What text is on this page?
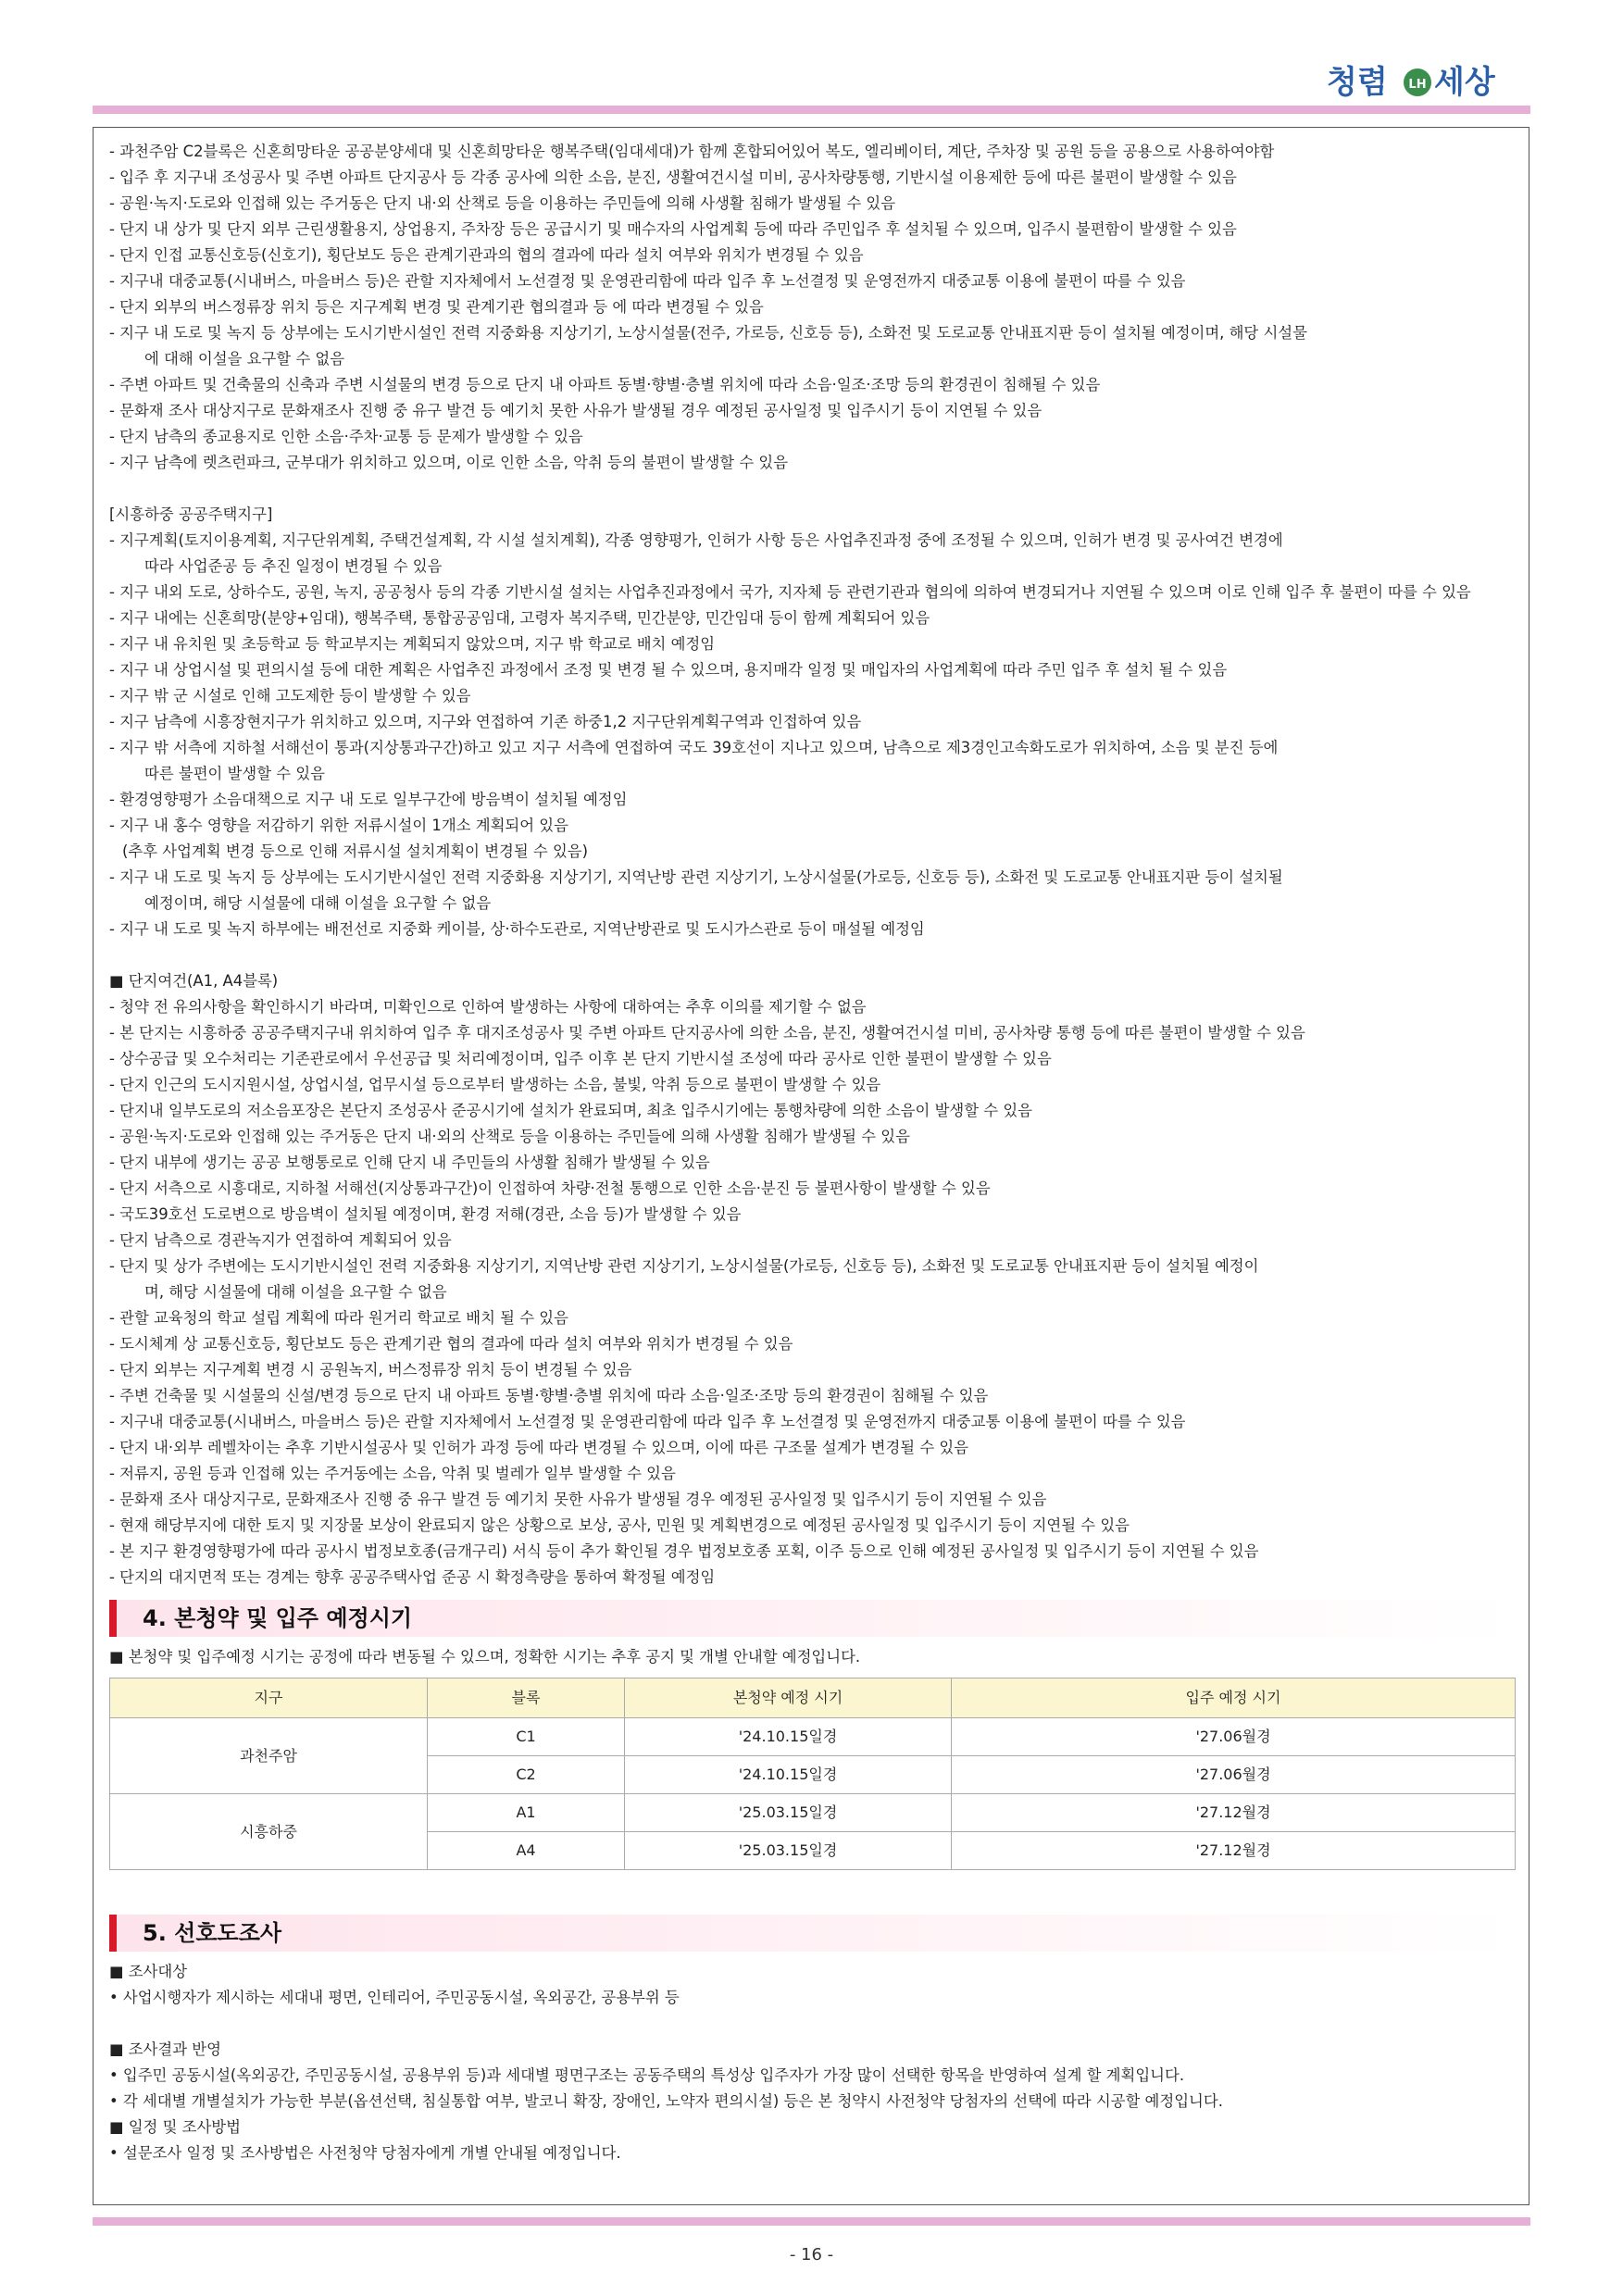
청렴 LH 세상
- 과천주암 C2블록은 신혼희망타운 공공분양세대 및 신혼희망타운 행복주택(임대세대)가 함께 혼합되어있어 복도, 엘리베이터, 계단, 주차장 및 공원 등을 공용으로 사용하여야함
- 입주 후 지구내 조성공사 및 주변 아파트 단지공사 등 각종 공사에 의한 소음, 분진, 생활여건시설 미비, 공사차량통행, 기반시설 이용제한 등에 따른 불편이 발생할 수 있음
- 공원·녹지·도로와 인접해 있는 주거동은 단지 내·외 산책로 등을 이용하는 주민들에 의해 사생활 침해가 발생될 수 있음
- 단지 내 상가 및 단지 외부 근린생활용지, 상업용지, 주차장 등은 공급시기 및 매수자의 사업계획 등에 따라 주민입주 후 설치될 수 있으며, 입주시 불편함이 발생할 수 있음
- 단지 인접 교통신호등(신호기), 횡단보도 등은 관계기관과의 협의 결과에 따라 설치 여부와 위치가 변경될 수 있음
- 지구내 대중교통(시내버스, 마을버스 등)은 관할 지자체에서 노선결정 및 운영관리함에 따라 입주 후 노선결정 및 운영전까지 대중교통 이용에 불편이 따를 수 있음
- 단지 외부의 버스정류장 위치 등은 지구계획 변경 및 관계기관 협의결과 등 에 따라 변경될 수 있음
- 지구 내 도로 및 녹지 등 상부에는 도시기반시설인 전력 지중화용 지상기기, 노상시설물(전주, 가로등, 신호등 등), 소화전 및 도로교통 안내표지판 등이 설치될 예정이며, 해당 시설물
에 대해 이설을 요구할 수 없음
- 주변 아파트 및 건축물의 신축과 주변 시설물의 변경 등으로 단지 내 아파트 동별·향별·층별 위치에 따라 소음·일조·조망 등의 환경권이 침해될 수 있음
- 문화재 조사 대상지구로 문화재조사 진행 중 유구 발견 등 예기치 못한 사유가 발생될 경우 예정된 공사일정 및 입주시기 등이 지연될 수 있음
- 단지 남측의 종교용지로 인한 소음·주차·교통 등 문제가 발생할 수 있음
- 지구 남측에 렛츠런파크, 군부대가 위치하고 있으며, 이로 인한 소음, 악취 등의 불편이 발생할 수 있음
[시흥하중 공공주택지구]
- 지구계획(토지이용계획, 지구단위계획, 주택건설계획, 각 시설 설치계획), 각종 영향평가, 인허가 사항 등은 사업추진과정 중에 조정될 수 있으며, 인허가 변경 및 공사여건 변경에
따라 사업준공 등 추진 일정이 변경될 수 있음
- 지구 내외 도로, 상하수도, 공원, 녹지, 공공청사 등의 각종 기반시설 설치는 사업추진과정에서 국가, 지자체 등 관련기관과 협의에 의하여 변경되거나 지연될 수 있으며 이로 인해 입주 후 불편이 따를 수 있음
- 지구 내에는 신혼희망(분양+임대), 행복주택, 통합공공임대, 고령자 복지주택, 민간분양, 민간임대 등이 함께 계획되어 있음
- 지구 내 유치원 및 초등학교 등 학교부지는 계획되지 않았으며, 지구 밖 학교로 배치 예정임
- 지구 내 상업시설 및 편의시설 등에 대한 계획은 사업추진 과정에서 조정 및 변경 될 수 있으며, 용지매각 일정 및 매입자의 사업계획에 따라 주민 입주 후 설치 될 수 있음
- 지구 밖 군 시설로 인해 고도제한 등이 발생할 수 있음
- 지구 남측에 시흥장현지구가 위치하고 있으며, 지구와 연접하여 기존 하중1,2 지구단위계획구역과 인접하여 있음
- 지구 밖 서측에 지하철 서해선이 통과(지상통과구간)하고 있고 지구 서측에 연접하여 국도 39호선이 지나고 있으며, 남측으로 제3경인고속화도로가 위치하여, 소음 및 분진 등에
따른 불편이 발생할 수 있음
- 환경영향평가 소음대책으로 지구 내 도로 일부구간에 방음벽이 설치될 예정임
- 지구 내 홍수 영향을 저감하기 위한 저류시설이 1개소 계획되어 있음
(추후 사업계획 변경 등으로 인해 저류시설 설치계획이 변경될 수 있음)
- 지구 내 도로 및 녹지 등 상부에는 도시기반시설인 전력 지중화용 지상기기, 지역난방 관련 지상기기, 노상시설물(가로등, 신호등 등), 소화전 및 도로교통 안내표지판 등이 설치될
예정이며, 해당 시설물에 대해 이설을 요구할 수 없음
- 지구 내 도로 및 녹지 하부에는 배전선로 지중화 케이블, 상·하수도관로, 지역난방관로 및 도시가스관로 등이 매설될 예정임
■ 단지여건(A1, A4블록)
- 청약 전 유의사항을 확인하시기 바라며, 미확인으로 인하여 발생하는 사항에 대하여는 추후 이의를 제기할 수 없음
- 본 단지는 시흥하중 공공주택지구내 위치하여 입주 후 대지조성공사 및 주변 아파트 단지공사에 의한 소음, 분진, 생활여건시설 미비, 공사차량 통행 등에 따른 불편이 발생할 수 있음
- 상수공급 및 오수처리는 기존관로에서 우선공급 및 처리예정이며, 입주 이후 본 단지 기반시설 조성에 따라 공사로 인한 불편이 발생할 수 있음
- 단지 인근의 도시지원시설, 상업시설, 업무시설 등으로부터 발생하는 소음, 불빛, 악취 등으로 불편이 발생할 수 있음
- 단지내 일부도로의 저소음포장은 본단지 조성공사 준공시기에 설치가 완료되며, 최초 입주시기에는 통행차량에 의한 소음이 발생할 수 있음
- 공원·녹지·도로와 인접해 있는 주거동은 단지 내·외의 산책로 등을 이용하는 주민들에 의해 사생활 침해가 발생될 수 있음
- 단지 내부에 생기는 공공 보행통로로 인해 단지 내 주민들의 사생활 침해가 발생될 수 있음
- 단지 서측으로 시흥대로, 지하철 서해선(지상통과구간)이 인접하여 차량·전철 통행으로 인한 소음·분진 등 불편사항이 발생할 수 있음
- 국도39호선 도로변으로 방음벽이 설치될 예정이며, 환경 저해(경관, 소음 등)가 발생할 수 있음
- 단지 남측으로 경관녹지가 연접하여 계획되어 있음
- 단지 및 상가 주변에는 도시기반시설인 전력 지중화용 지상기기, 지역난방 관련 지상기기, 노상시설물(가로등, 신호등 등), 소화전 및 도로교통 안내표지판 등이 설치될 예정이
며, 해당 시설물에 대해 이설을 요구할 수 없음
- 관할 교육청의 학교 설립 계획에 따라 원거리 학교로 배치 될 수 있음
- 도시체계 상 교통신호등, 횡단보도 등은 관계기관 협의 결과에 따라 설치 여부와 위치가 변경될 수 있음
- 단지 외부는 지구계획 변경 시 공원녹지, 버스정류장 위치 등이 변경될 수 있음
- 주변 건축물 및 시설물의 신설/변경 등으로 단지 내 아파트 동별·향별·층별 위치에 따라 소음·일조·조망 등의 환경권이 침해될 수 있음
- 지구내 대중교통(시내버스, 마을버스 등)은 관할 지자체에서 노선결정 및 운영관리함에 따라 입주 후 노선결정 및 운영전까지 대중교통 이용에 불편이 따를 수 있음
- 단지 내·외부 레벨차이는 추후 기반시설공사 및 인허가 과정 등에 따라 변경될 수 있으며, 이에 따른 구조물 설계가 변경될 수 있음
- 저류지, 공원 등과 인접해 있는 주거동에는 소음, 악취 및 벌레가 일부 발생할 수 있음
- 문화재 조사 대상지구로, 문화재조사 진행 중 유구 발견 등 예기치 못한 사유가 발생될 경우 예정된 공사일정 및 입주시기 등이 지연될 수 있음
- 현재 해당부지에 대한 토지 및 지장물 보상이 완료되지 않은 상황으로 보상, 공사, 민원 및 계획변경으로 예정된 공사일정 및 입주시기 등이 지연될 수 있음
- 본 지구 환경영향평가에 따라 공사시 법정보호종(금개구리) 서식 등이 추가 확인될 경우 법정보호종 포획, 이주 등으로 인해 예정된 공사일정 및 입주시기 등이 지연될 수 있음
- 단지의 대지면적 또는 경계는 향후 공공주택사업 준공 시 확정측량을 통하여 확정될 예정임
4. 본청약 및 입주 예정시기
■ 본청약 및 입주예정 시기는 공정에 따라 변동될 수 있으며, 정확한 시기는 추후 공지 및 개별 안내할 예정입니다.
지구	블록	본청약 예정 시기	입주 예정 시기
과천주암	C1	'24.10.15일경	'27.06월경
	C2	'24.10.15일경	'27.06월경
시흥하중	A1	'25.03.15일경	'27.12월경
	A4	'25.03.15일경	'27.12월경
5. 선호도조사
■ 조사대상
• 사업시행자가 제시하는 세대내 평면, 인테리어, 주민공동시설, 옥외공간, 공용부위 등
■ 조사결과 반영
• 입주민 공동시설(옥외공간, 주민공동시설, 공용부위 등)과 세대별 평면구조는 공동주택의 특성상 입주자가 가장 많이 선택한 항목을 반영하여 설계 할 계획입니다.
• 각 세대별 개별설치가 가능한 부분(옵션선택, 침실통합 여부, 발코니 확장, 장애인, 노약자 편의시설) 등은 본 청약시 사전청약 당첨자의 선택에 따라 시공할 예정입니다.
■ 일정 및 조사방법
• 설문조사 일정 및 조사방법은 사전청약 당첨자에게 개별 안내될 예정입니다.
- 16 -
